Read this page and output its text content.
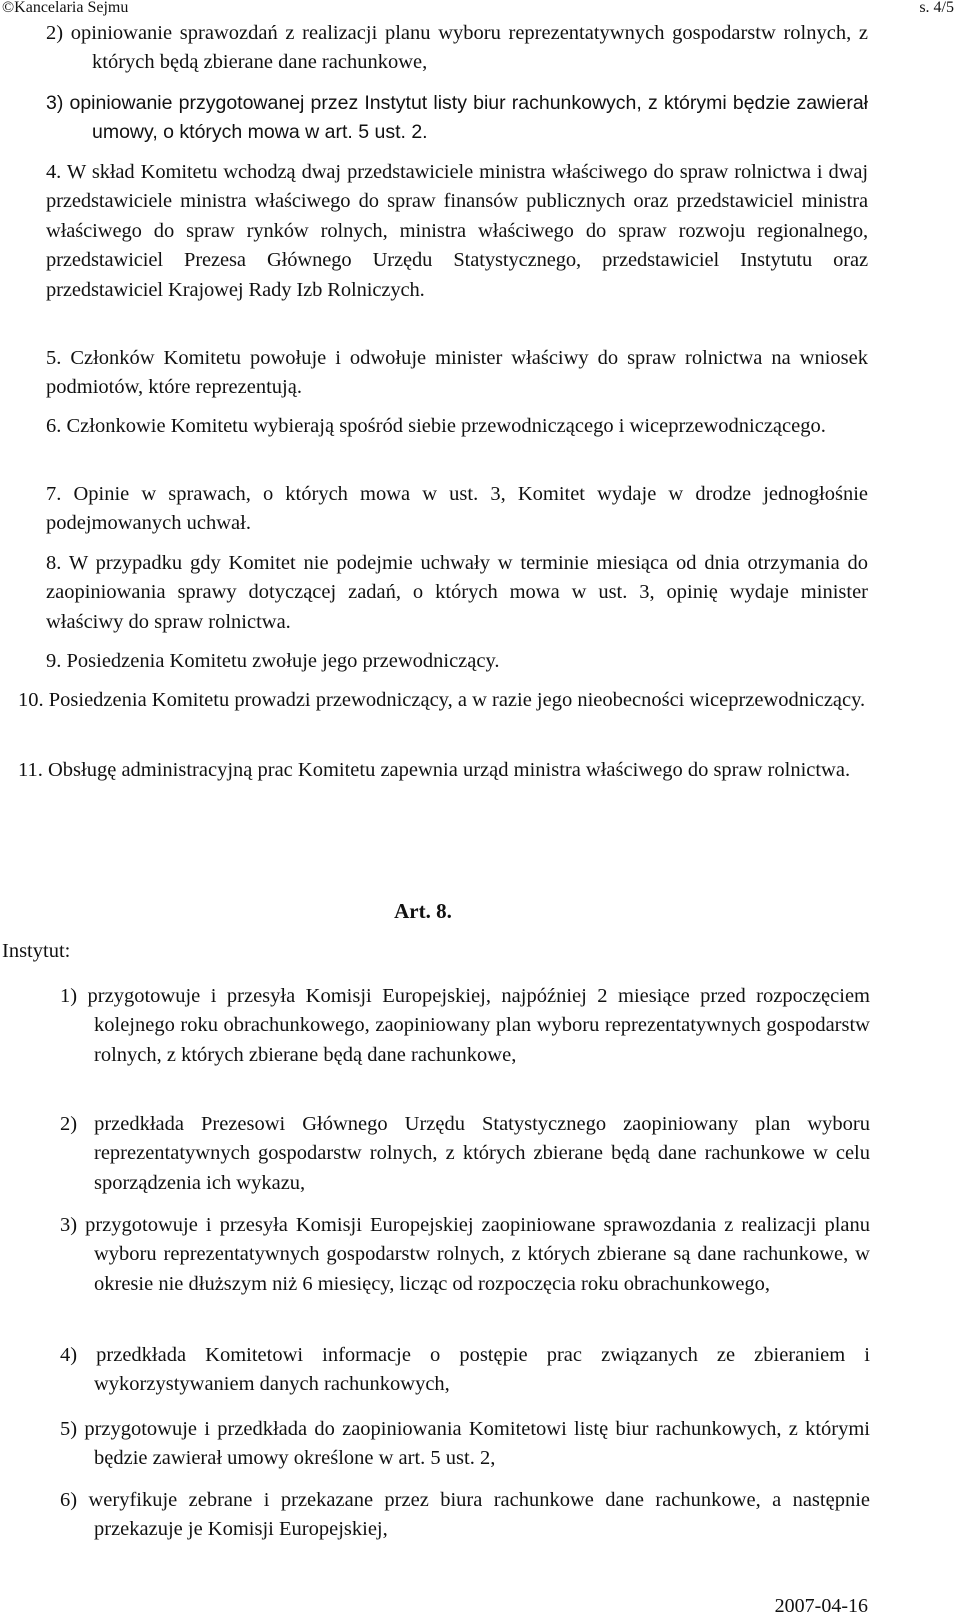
©Kancelaria Sejmu	s. 4/5

2) opiniowanie sprawozdań z realizacji planu wyboru reprezentatywnych gospodarstw rolnych, z których będą zbierane dane rachunkowe,

3) opiniowanie przygotowanej przez Instytut listy biur rachunkowych, z którymi będzie zawierał umowy, o których mowa w art. 5 ust. 2.

4. W skład Komitetu wchodzą dwaj przedstawiciele ministra właściwego do spraw rolnictwa i dwaj przedstawiciele ministra właściwego do spraw finansów publicznych oraz przedstawiciel ministra właściwego do spraw rynków rolnych, ministra właściwego do spraw rozwoju regionalnego, przedstawiciel Prezesa Głównego Urzędu Statystycznego, przedstawiciel Instytutu oraz przedstawiciel Krajowej Rady Izb Rolniczych.

5. Członków Komitetu powołuje i odwołuje minister właściwy do spraw rolnictwa na wniosek podmiotów, które reprezentują.

6. Członkowie Komitetu wybierają spośród siebie przewodniczącego i wiceprzewodniczącego.

7. Opinie w sprawach, o których mowa w ust. 3, Komitet wydaje w drodze jednogłośnie podejmowanych uchwał.

8. W przypadku gdy Komitet nie podejmie uchwały w terminie miesiąca od dnia otrzymania do zaopiniowania sprawy dotyczącej zadań, o których mowa w ust. 3, opinię wydaje minister właściwy do spraw rolnictwa.

9. Posiedzenia Komitetu zwołuje jego przewodniczący.

10. Posiedzenia Komitetu prowadzi przewodniczący, a w razie jego nieobecności wiceprzewodniczący.

11. Obsługę administracyjną prac Komitetu zapewnia urząd ministra właściwego do spraw rolnictwa.

Art. 8.
Instytut:

1) przygotowuje i przesyła Komisji Europejskiej, najpóźniej 2 miesiące przed rozpoczęciem kolejnego roku obrachunkowego, zaopiniowany plan wyboru reprezentatywnych gospodarstw rolnych, z których zbierane będą dane rachunkowe,

2) przedkłada Prezesowi Głównego Urzędu Statystycznego zaopiniowany plan wyboru reprezentatywnych gospodarstw rolnych, z których zbierane będą dane rachunkowe w celu sporządzenia ich wykazu,

3) przygotowuje i przesyła Komisji Europejskiej zaopiniowane sprawozdania z realizacji planu wyboru reprezentatywnych gospodarstw rolnych, z których zbierane są dane rachunkowe, w okresie nie dłuższym niż 6 miesięcy, licząc od rozpoczęcia roku obrachunkowego,

4) przedkłada Komitetowi informacje o postępie prac związanych ze zbieraniem i wykorzystywaniem danych rachunkowych,

5) przygotowuje i przedkłada do zaopiniowania Komitetowi listę biur rachunkowych, z którymi będzie zawierał umowy określone w art. 5 ust. 2,

6) weryfikuje zebrane i przekazane przez biura rachunkowe dane rachunkowe, a następnie przekazuje je Komisji Europejskiej,

2007-04-16
